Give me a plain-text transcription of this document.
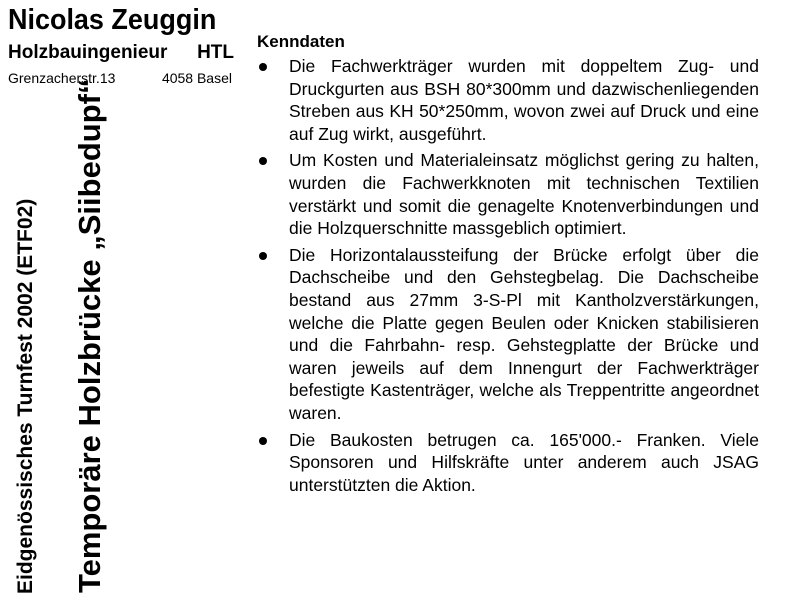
Nicolas Zeuggin
Holzbauingenieur HTL
Grenzacherstr.13	4058 Basel
Eidgenössisches Turnfest 2002 (ETF02) Temporäre Holzbrücke „Siibedupf“
Kenndaten
Die Fachwerkträger wurden mit doppeltem Zug- und Druckgurten aus BSH 80*300mm und dazwischenliegenden Streben aus KH 50*250mm, wovon zwei auf Druck und eine auf Zug wirkt, ausgeführt.
Um Kosten und Materialeinsatz möglichst gering zu halten, wurden die Fachwerkknoten mit technischen Textilien verstärkt und somit die genagelte Knotenverbindungen und die Holzquerschnitte massgeblich optimiert.
Die Horizontalaussteifung der Brücke erfolgt über die Dachscheibe und den Gehstegbelag. Die Dachscheibe bestand aus 27mm 3-S-Pl mit Kantholzverstärkungen, welche die Platte gegen Beulen oder Knicken stabilisieren und die Fahrbahn- resp. Gehstegplatte der Brücke und waren jeweils auf dem Innengurt der Fachwerkträger befestigte Kastenträger, welche als Treppentritte angeordnet waren.
Die Baukosten betrugen ca. 165'000.- Franken. Viele Sponsoren und Hilfskräfte unter anderem auch JSAG unterstützten die Aktion.
